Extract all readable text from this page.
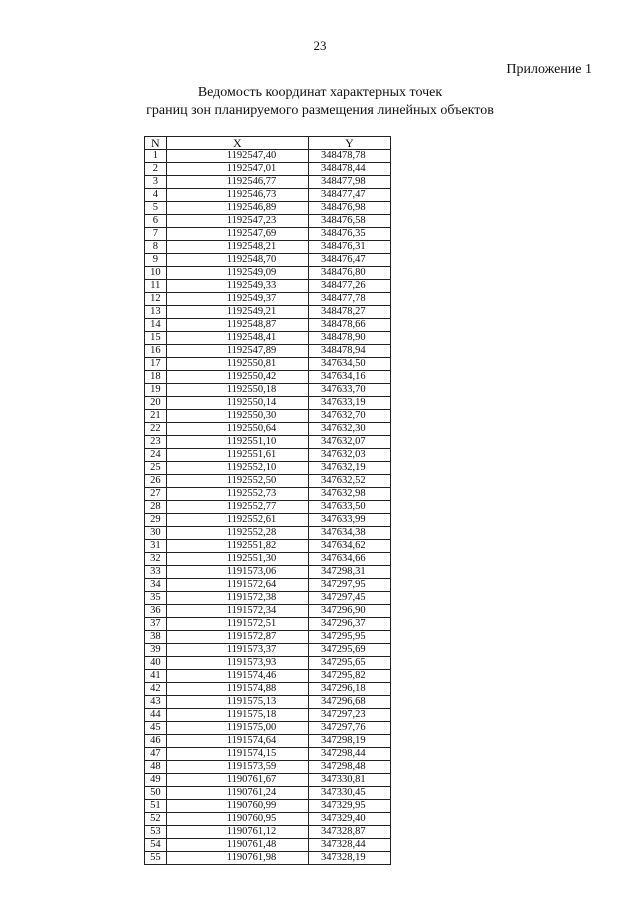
23
Приложение 1
Ведомость координат характерных точек
границ зон планируемого размещения линейных объектов
N	X	Y
1	1192547,40	348478,78
2	1192547,01	348478,44
3	1192546,77	348477,98
4	1192546,73	348477,47
5	1192546,89	348476,98
6	1192547,23	348476,58
7	1192547,69	348476,35
8	1192548,21	348476,31
9	1192548,70	348476,47
10	1192549,09	348476,80
11	1192549,33	348477,26
12	1192549,37	348477,78
13	1192549,21	348478,27
14	1192548,87	348478,66
15	1192548,41	348478,90
16	1192547,89	348478,94
17	1192550,81	347634,50
18	1192550,42	347634,16
19	1192550,18	347633,70
20	1192550,14	347633,19
21	1192550,30	347632,70
22	1192550,64	347632,30
23	1192551,10	347632,07
24	1192551,61	347632,03
25	1192552,10	347632,19
26	1192552,50	347632,52
27	1192552,73	347632,98
28	1192552,77	347633,50
29	1192552,61	347633,99
30	1192552,28	347634,38
31	1192551,82	347634,62
32	1192551,30	347634,66
33	1191573,06	347298,31
34	1191572,64	347297,95
35	1191572,38	347297,45
36	1191572,34	347296,90
37	1191572,51	347296,37
38	1191572,87	347295,95
39	1191573,37	347295,69
40	1191573,93	347295,65
41	1191574,46	347295,82
42	1191574,88	347296,18
43	1191575,13	347296,68
44	1191575,18	347297,23
45	1191575,00	347297,76
46	1191574,64	347298,19
47	1191574,15	347298,44
48	1191573,59	347298,48
49	1190761,67	347330,81
50	1190761,24	347330,45
51	1190760,99	347329,95
52	1190760,95	347329,40
53	1190761,12	347328,87
54	1190761,48	347328,44
55	1190761,98	347328,19
